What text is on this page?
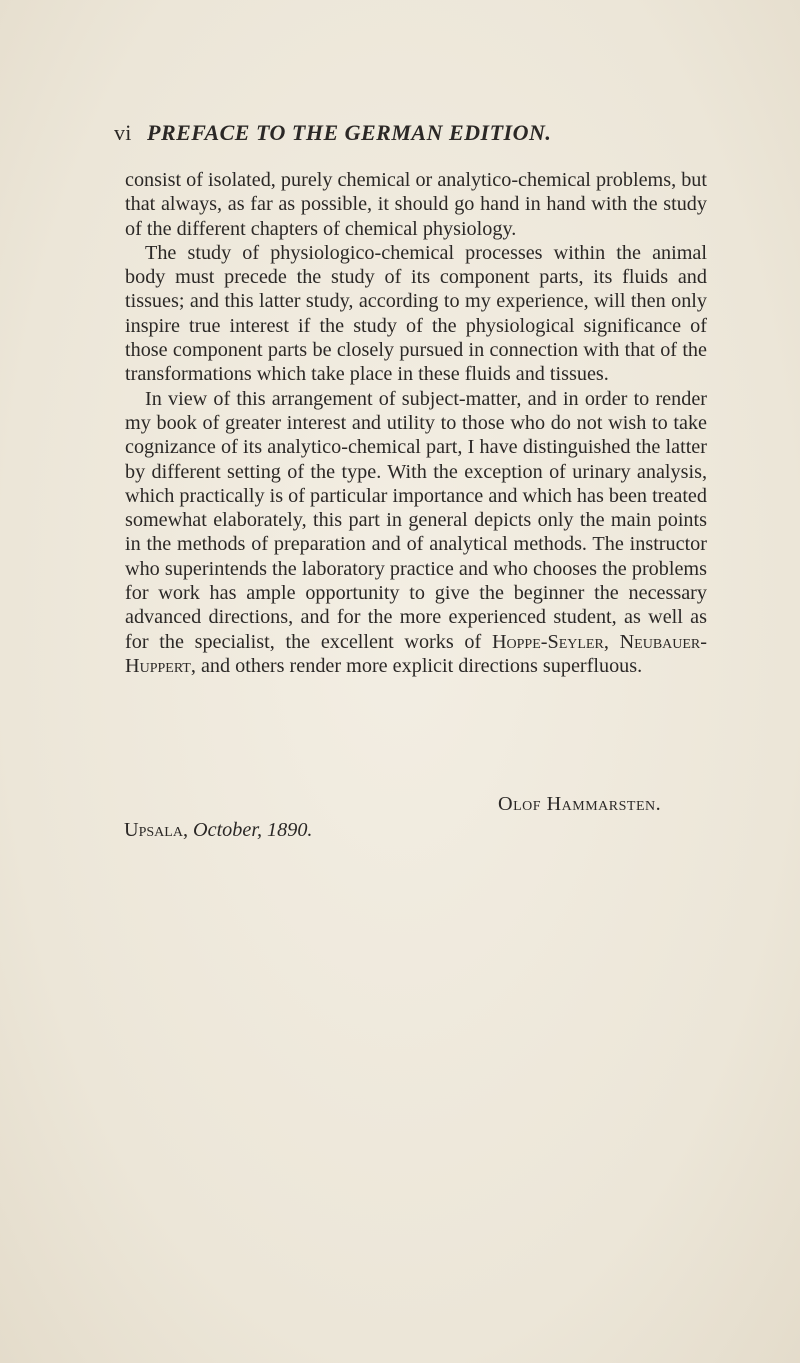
vi PREFACE TO THE GERMAN EDITION.

consist of isolated, purely chemical or analytico-chemical problems, but that always, as far as possible, it should go hand in hand with the study of the different chapters of chemical physiology.

The study of physiologico-chemical processes within the animal body must precede the study of its component parts, its fluids and tissues; and this latter study, according to my experience, will then only inspire true interest if the study of the physiological significance of those component parts be closely pursued in connection with that of the transformations which take place in these fluids and tissues.

In view of this arrangement of subject-matter, and in order to render my book of greater interest and utility to those who do not wish to take cognizance of its analytico-chemical part, I have distinguished the latter by different setting of the type. With the exception of urinary analysis, which practically is of particular importance and which has been treated somewhat elaborately, this part in general depicts only the main points in the methods of preparation and of analytical methods. The instructor who superintends the laboratory practice and who chooses the problems for work has ample opportunity to give the beginner the necessary advanced directions, and for the more experienced student, as well as for the specialist, the excellent works of Hoppe-Seyler, Neubauer-Huppert, and others render more explicit directions superfluous.

Olof Hammarsten.
Upsala, October, 1890.
